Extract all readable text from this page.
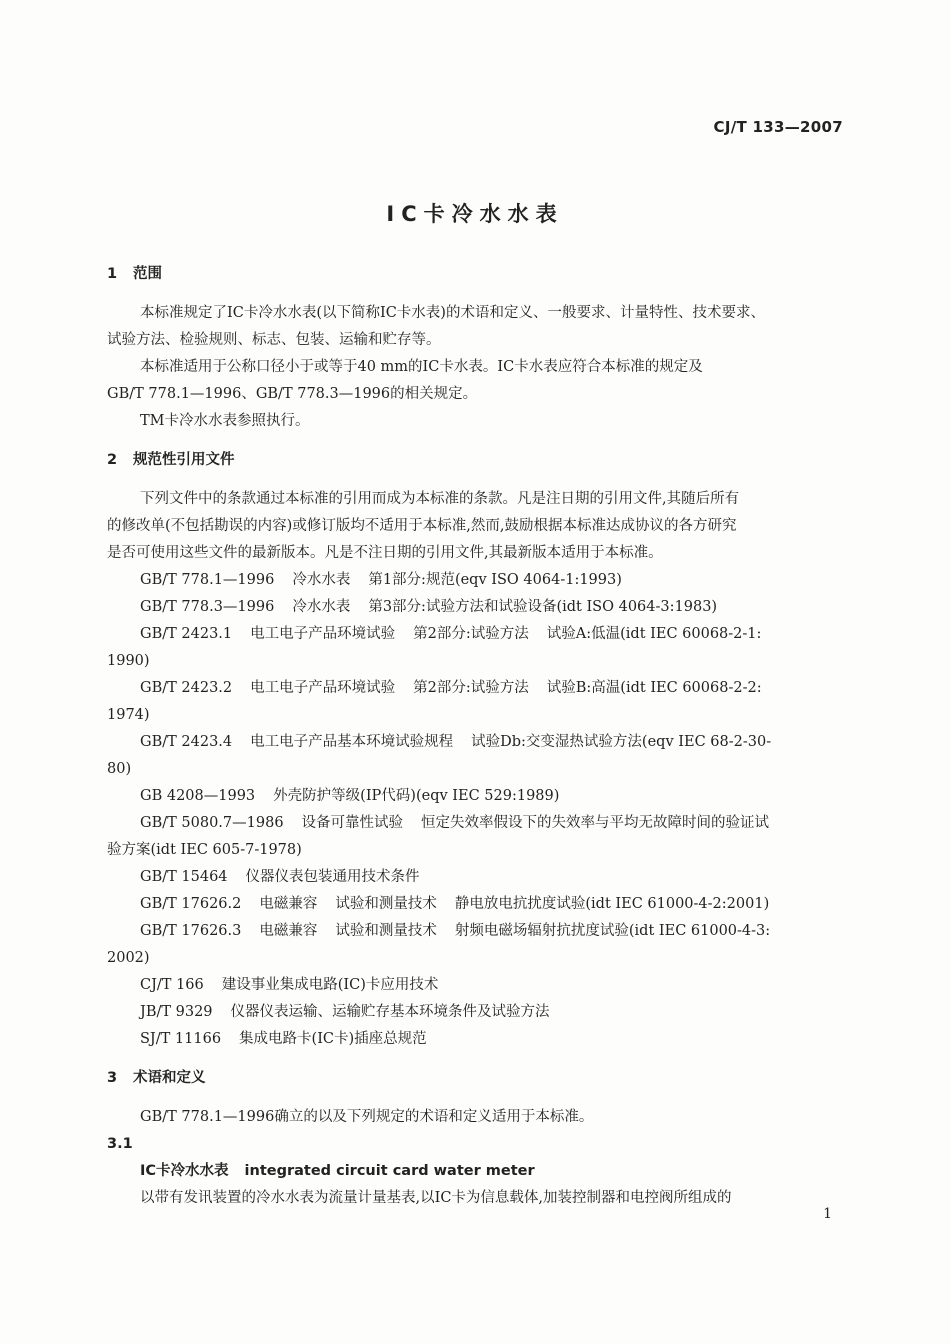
CJ/T 133—2007
IC卡冷水水表
1 范围
本标准规定了IC卡冷水水表(以下简称IC卡水表)的术语和定义、一般要求、计量特性、技术要求、
试验方法、检验规则、标志、包装、运输和贮存等。
本标准适用于公称口径小于或等于40 mm的IC卡水表。IC卡水表应符合本标准的规定及
GB/T 778.1—1996、GB/T 778.3—1996的相关规定。
TM卡冷水水表参照执行。
2 规范性引用文件
下列文件中的条款通过本标准的引用而成为本标准的条款。凡是注日期的引用文件,其随后所有
的修改单(不包括勘误的内容)或修订版均不适用于本标准,然而,鼓励根据本标准达成协议的各方研究
是否可使用这些文件的最新版本。凡是不注日期的引用文件,其最新版本适用于本标准。
GB/T 778.1—1996 冷水水表 第1部分:规范(eqv ISO 4064-1:1993)
GB/T 778.3—1996 冷水水表 第3部分:试验方法和试验设备(idt ISO 4064-3:1983)
GB/T 2423.1 电工电子产品环境试验 第2部分:试验方法 试验A:低温(idt IEC 60068-2-1:
1990)
GB/T 2423.2 电工电子产品环境试验 第2部分:试验方法 试验B:高温(idt IEC 60068-2-2:
1974)
GB/T 2423.4 电工电子产品基本环境试验规程 试验Db:交变湿热试验方法(eqv IEC 68-2-30-
80)
GB 4208—1993 外壳防护等级(IP代码)(eqv IEC 529:1989)
GB/T 5080.7—1986 设备可靠性试验 恒定失效率假设下的失效率与平均无故障时间的验证试
验方案(idt IEC 605-7-1978)
GB/T 15464 仪器仪表包装通用技术条件
GB/T 17626.2 电磁兼容 试验和测量技术 静电放电抗扰度试验(idt IEC 61000-4-2:2001)
GB/T 17626.3 电磁兼容 试验和测量技术 射频电磁场辐射抗扰度试验(idt IEC 61000-4-3:
2002)
CJ/T 166 建设事业集成电路(IC)卡应用技术
JB/T 9329 仪器仪表运输、运输贮存基本环境条件及试验方法
SJ/T 11166 集成电路卡(IC卡)插座总规范
3 术语和定义
GB/T 778.1—1996确立的以及下列规定的术语和定义适用于本标准。
3.1
IC卡冷水水表 integrated circuit card water meter
以带有发讯装置的冷水水表为流量计量基表,以IC卡为信息载体,加装控制器和电控阀所组成的
1
